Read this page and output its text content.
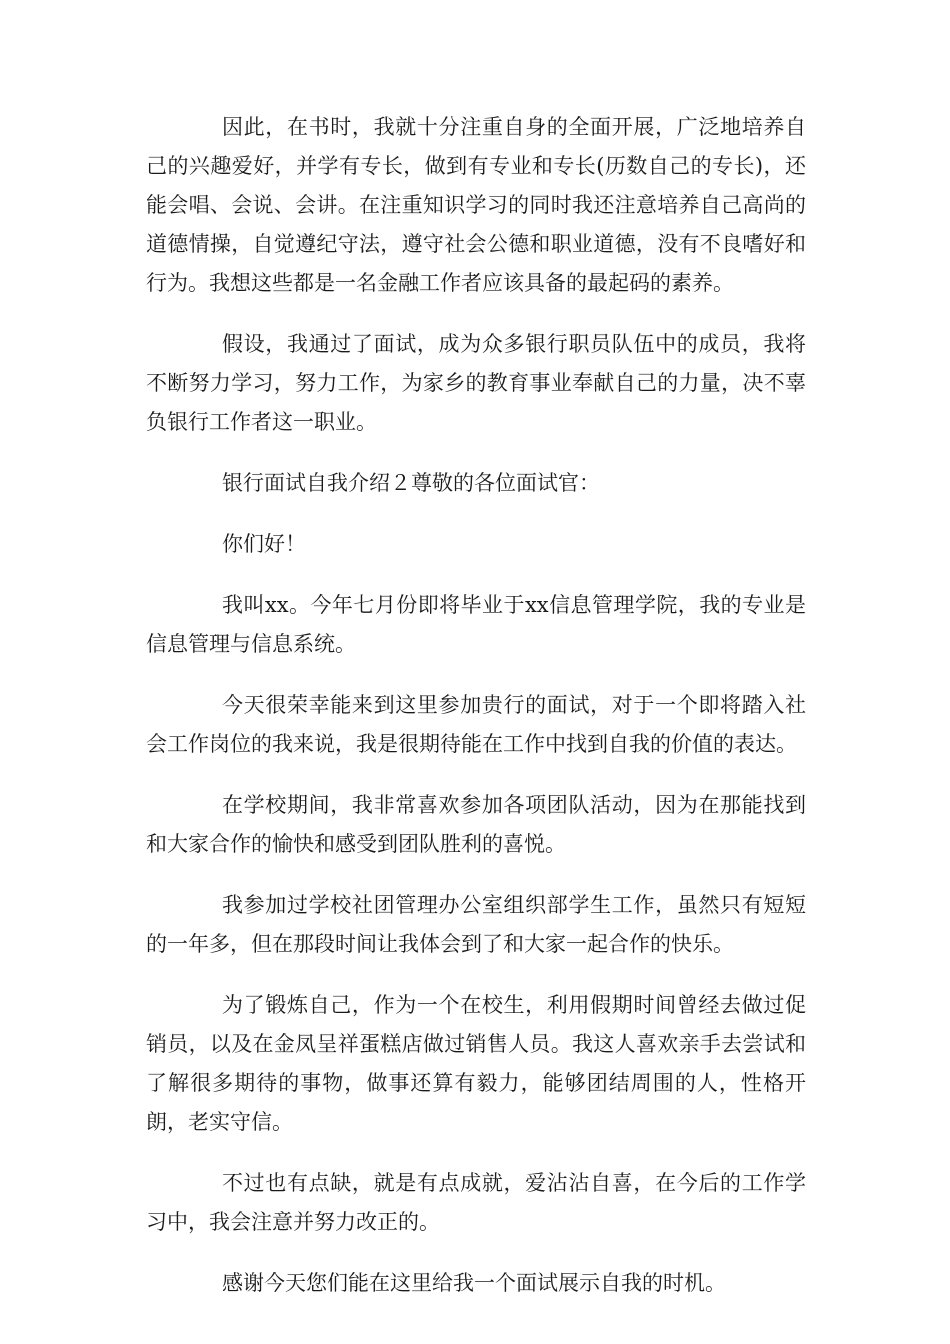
因此，在书时，我就十分注重自身的全面开展，广泛地培养自己的兴趣爱好，并学有专长，做到有专业和专长(历数自己的专长)，还能会唱、会说、会讲。在注重知识学习的同时我还注意培养自己高尚的道德情操，自觉遵纪守法，遵守社会公德和职业道德，没有不良嗜好和行为。我想这些都是一名金融工作者应该具备的最起码的素养。

假设，我通过了面试，成为众多银行职员队伍中的成员，我将不断努力学习，努力工作，为家乡的教育事业奉献自己的力量，决不辜负银行工作者这一职业。

银行面试自我介绍２尊敬的各位面试官：

你们好！

我叫xx。今年七月份即将毕业于xx信息管理学院，我的专业是信息管理与信息系统。

今天很荣幸能来到这里参加贵行的面试，对于一个即将踏入社会工作岗位的我来说，我是很期待能在工作中找到自我的价值的表达。

在学校期间，我非常喜欢参加各项团队活动，因为在那能找到和大家合作的愉快和感受到团队胜利的喜悦。

我参加过学校社团管理办公室组织部学生工作，虽然只有短短的一年多，但在那段时间让我体会到了和大家一起合作的快乐。

为了锻炼自己，作为一个在校生，利用假期时间曾经去做过促销员，以及在金凤呈祥蛋糕店做过销售人员。我这人喜欢亲手去尝试和了解很多期待的事物，做事还算有毅力，能够团结周围的人，性格开朗，老实守信。

不过也有点缺，就是有点成就，爱沾沾自喜，在今后的工作学习中，我会注意并努力改正的。

感谢今天您们能在这里给我一个面试展示自我的时机。
